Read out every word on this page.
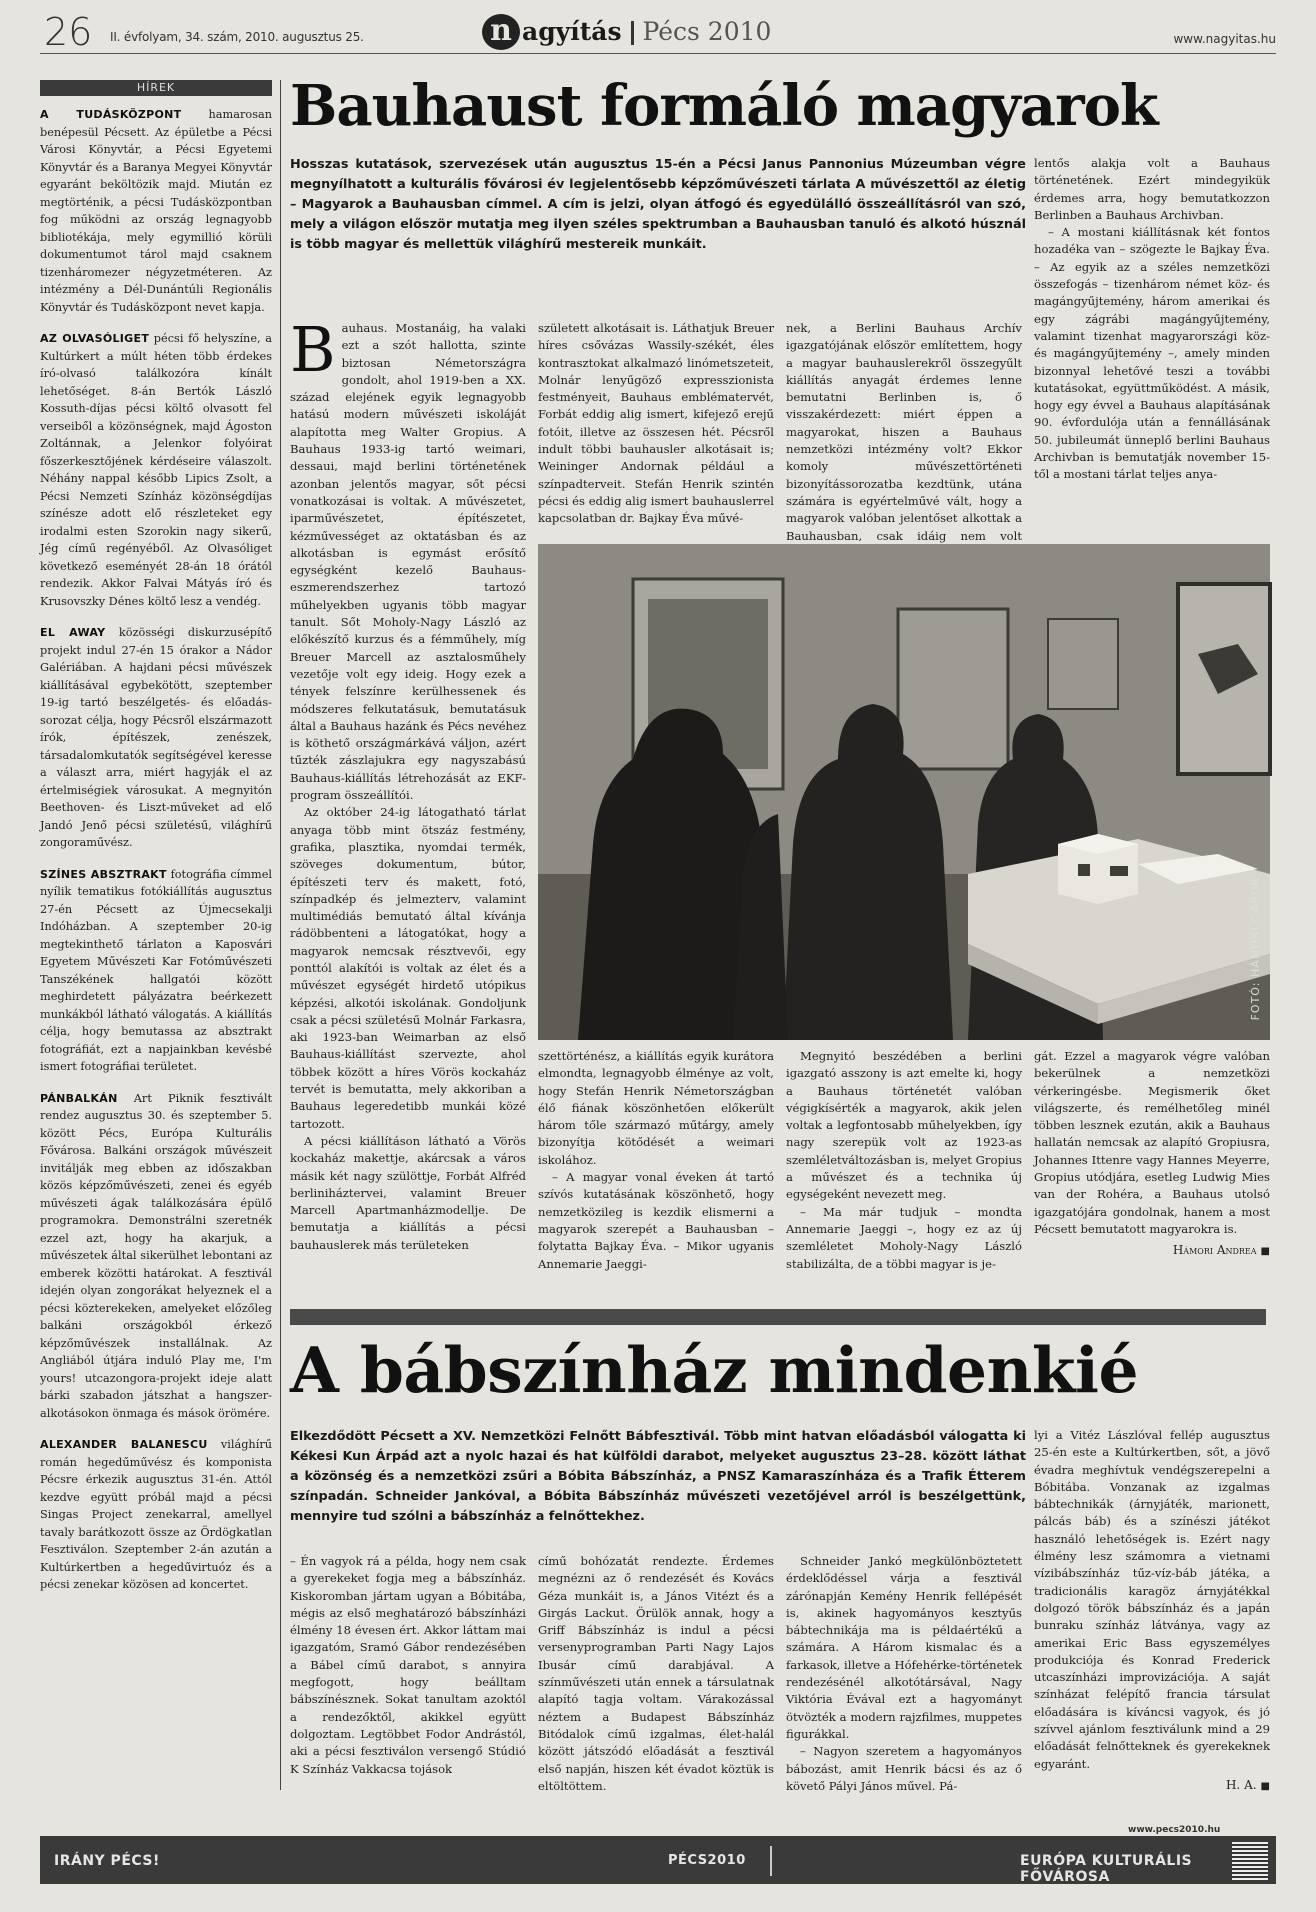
26 II. évfolyam, 34. szám, 2010. augusztus 25.	n agyítás Pécs 2010	www.nagyitas.hu
HÍREK

A TUDÁSKÖZPONT hamarosan benépesül Pécsett. Az épületbe a Pécsi Városi Könyvtár, a Pécsi Egyetemi Könyvtár és a Baranya Megyei Könyvtár egyaránt beköltözik majd. Miután ez megtörténik, a pécsi Tudásközpontban fog működni az ország legnagyobb bibliotékája, mely egymillió körüli dokumentumot tárol majd csaknem tizenháromezer négyzetméteren. Az intézmény a Dél-Dunántúli Regionális Könyvtár és Tudásközpont nevet kapja.

AZ OLVASÓLIGET pécsi fő helyszíne, a Kultúrkert a múlt héten több érdekes író-olvasó találkozóra kínált lehetőséget. 8-án Bertók László Kossuth-díjas pécsi költő olvasott fel verseiből a közönségnek, majd Ágoston Zoltánnak, a Jelenkor folyóirat főszerkesztőjének kérdéseire válaszolt. Néhány nappal később Lipics Zsolt, a Pécsi Nemzeti Színház közönségdíjas színésze adott elő részleteket egy irodalmi esten Szorokin nagy sikerű, Jég című regényéből. Az Olvasóliget következő eseményét 28-án 18 órától rendezik. Akkor Falvai Mátyás író és Krusovszky Dénes költő lesz a vendég.

EL AWAY közösségi diskurzusépítő projekt indul 27-én 15 órakor a Nádor Galériában. A hajdani pécsi művészek kiállításával egybekötött, szeptember 19-ig tartó beszélgetés- és előadás-sorozat célja, hogy Pécsről elszármazott írók, építészek, zenészek, társadalomkutatók segítségével keresse a választ arra, miért hagyják el az értelmiségiek városukat. A megnyitón Beethoven- és Liszt-műveket ad elő Jandó Jenő pécsi születésű, világhírű zongoraművész.

SZÍNES ABSZTRAKT fotográfia címmel nyílik tematikus fotókiállítás augusztus 27-én Pécsett az Újmecsekalji Indóházban. A szeptember 20-ig megtekinthető tárlaton a Kaposvári Egyetem Művészeti Kar Fotóművészeti Tanszékének hallgatói között meghirdetett pályázatra beérkezett munkákból látható válogatás. A kiállítás célja, hogy bemutassa az absztrakt fotográfiát, ezt a napjainkban kevésbé ismert fotográfiai területet.

PÁNBALKÁN Art Piknik fesztivált rendez augusztus 30. és szeptember 5. között Pécs, Európa Kulturális Fővárosa. Balkáni országok művészeit invitálják meg ebben az időszakban közös képzőművészeti, zenei és egyéb művészeti ágak találkozására épülő programokra. Demonstrálni szeretnék ezzel azt, hogy ha akarjuk, a művészetek által sikerülhet lebontani az emberek közötti határokat. A fesztivál idején olyan zongorákat helyeznek el a pécsi közterekeken, amelyeket előzőleg balkáni országokból érkező képzőművészek installálnak. Az Angliából útjára induló Play me, I'm yours! utcazongora-projekt ideje alatt bárki szabadon játszhat a hangszer-alkotásokon önmaga és mások örömére.

ALEXANDER BALANESCU világhírű román hegedűművész és komponista Pécsre érkezik augusztus 31-én. Attól kezdve együtt próbál majd a pécsi Singas Project zenekarral, amellyel tavaly barátkozott össze az Ördögkatlan Fesztiválon. Szeptember 2-án azután a Kultúrkertben a hegedűvirtuóz és a pécsi zenekar közösen ad koncertet.

Bauhaust formáló magyarok
Hosszas kutatások, szervezések után augusztus 15-én a Pécsi Janus Pannonius Múzeumban végre megnyílhatott a kulturális fővárosi év legjelentősebb képzőművészeti tárlata A művészettől az életig – Magyarok a Bauhausban címmel. A cím is jelzi, olyan átfogó és egyedülálló összeállításról van szó, mely a világon először mutatja meg ilyen széles spektrumban a Bauhausban tanuló és alkotó húsznál is több magyar és mellettük világhírű mestereik munkáit.

Bauhaus. Mostanáig, ha valaki ezt a szót hallotta, szinte biztosan Németországra gondolt, ahol 1919-ben a XX. század elejének egyik legnagyobb hatású modern művészeti iskoláját alapította meg Walter Gropius. A Bauhaus 1933-ig tartó weimari, dessaui, majd berlini történetének azonban jelentős magyar, sőt pécsi vonatkozásai is voltak. A művészetet, iparművészetet, építészetet, kézművességet az oktatásban és az alkotásban is egymást erősítő egységként kezelő Bauhaus-eszmerendszerhez tartozó műhelyekben ugyanis több magyar tanult. Sőt Moholy-Nagy László az előkészítő kurzus és a fémműhely, míg Breuer Marcell az asztalosműhely vezetője volt egy ideig. Hogy ezek a tények felszínre kerülhessenek és módszeres felkutatásuk, bemutatásuk által a Bauhaus hazánk és Pécs nevéhez is köthető országmárkává váljon, azért tűzték zászlajukra egy nagyszabású Bauhaus-kiállítás létrehozását az EKF-program összeállítói.

Az október 24-ig látogatható tárlat anyaga több mint ötszáz festmény, grafika, plasztika, nyomdai termék, szöveges dokumentum, bútor, építészeti terv és makett, fotó, színpadkép és jelmezterv, valamint multimédiás bemutató által kívánja rádöbbenteni a látogatókat, hogy a magyarok nemcsak résztvevői, egy ponttól alakítói is voltak az élet és a művészet egységét hirdető utópikus képzési, alkotói iskolának. Gondoljunk csak a pécsi születésű Molnár Farkasra, aki 1923-ban Weimarban az első Bauhaus-kiállítást szervezte, ahol többek között a híres Vörös kockaház tervét is bemutatta, mely akkoriban a Bauhaus legeredetibb munkái közé tartozott.

A pécsi kiállításon látható a Vörös kockaház makettje, akárcsak a város másik két nagy szülöttje, Forbát Alfréd berliniháztervei, valamint Breuer Marcell Apartmanházmodellje. De bemutatja a kiállítás a pécsi bauhauslerek más területeken

született alkotásait is. Láthatjuk Breuer híres csővázas Wassily-székét, éles kontrasztokat alkalmazó linómetszeteit, Molnár lenyűgöző expresszionista festményeit, Bauhaus emblématervét, Forbát eddig alig ismert, kifejező erejű fotóit, illetve az összesen hét. Pécsről indult többi bauhausler alkotásait is; Weininger Andornak például a színpadterveit. Stefán Henrik szintén pécsi és eddig alig ismert bauhauslerrel kapcsolatban dr. Bajkay Éva művé-

nek, a Berlini Bauhaus Archív igazgatójának először említettem, hogy a magyar bauhauslerekről összegyűlt kiállítás anyagát érdemes lenne bemutatni Berlinben is, ő visszakérdezett: miért éppen a magyarokat, hiszen a Bauhaus nemzetközi intézmény volt? Ekkor komoly művészettörténeti bizonyítássorozatba kezdtünk, utána számára is egyértelművé vált, hogy a magyarok valóban jelentőset alkottak a Bauhausban, csak idáig nem volt

lentős alakja volt a Bauhaus történetének. Ezért mindegyikük érdemes arra, hogy bemutatkozzon Berlinben a Bauhaus Archivban.

– A mostani kiállításnak két fontos hozadéka van – szögezte le Bajkay Éva. – Az egyik az a széles nemzetközi összefogás – tizenhárom német köz- és magángyűjtemény, három amerikai és egy zágrábi magángyűjtemény, valamint tizenhat magyarországi köz- és magángyűjtemény –, amely minden bizonnyal lehetővé teszi a további kutatásokat, együttműködést. A másik, hogy egy évvel a Bauhaus alapításának 90. évfordulója után a fennállásának 50. jubileumát ünneplő berlini Bauhaus Archivban is bemutatják november 15-től a mostani tárlat teljes anya-

FOTÓ: HÁMORI GÁBOR

szettörténész, a kiállítás egyik kurátora elmondta, legnagyobb élménye az volt, hogy Stefán Henrik Németországban élő fiának köszönhetően előkerült három tőle származó műtárgy, amely bizonyítja kötődését a weimari iskolához.

– A magyar vonal éveken át tartó szívós kutatásának köszönhető, hogy nemzetközileg is kezdik elismerni a magyarok szerepét a Bauhausban – folytatta Bajkay Éva. – Mikor ugyanis Annemarie Jaeggi-

Megnyitó beszédében a berlini igazgató asszony is azt emelte ki, hogy a Bauhaus történetét valóban végigkísérték a magyarok, akik jelen voltak a legfontosabb műhelyekben, így nagy szerepük volt az 1923-as szemléletváltozásban is, melyet Gropius a művészet és a technika új egységeként nevezett meg.

– Ma már tudjuk – mondta Annemarie Jaeggi –, hogy ez az új szemléletet Moholy-Nagy László stabilizálta, de a többi magyar is je-

gát. Ezzel a magyarok végre valóban bekerülnek a nemzetközi vérkeringésbe. Megismerik őket világszerte, és remélhetőleg minél többen lesznek ezután, akik a Bauhaus hallatán nemcsak az alapító Gropiusra, Johannes Ittenre vagy Hannes Meyerre, Gropius utódjára, esetleg Ludwig Mies van der Rohéra, a Bauhaus utolsó igazgatójára gondolnak, hanem a most Pécsett bemutatott magyarokra is.

Hámori Andrea ■
A bábszínház mindenkié
Elkezdődött Pécsett a XV. Nemzetközi Felnőtt Bábfesztivál. Több mint hatvan előadásból válogatta ki Kékesi Kun Árpád azt a nyolc hazai és hat külföldi darabot, melyeket augusztus 23–28. között láthat a közönség és a nemzetközi zsűri a Bóbita Bábszínház, a PNSZ Kamaraszínháza és a Trafik Étterem színpadán. Schneider Jankóval, a Bóbita Bábszínház művészeti vezetőjével arról is beszélgettünk, mennyire tud szólni a bábszínház a felnőttekhez.

– Én vagyok rá a példa, hogy nem csak a gyerekeket fogja meg a bábszínház. Kiskoromban jártam ugyan a Bóbitába, mégis az első meghatározó bábszínházi élmény 18 évesen ért. Akkor láttam mai igazgatóm, Sramó Gábor rendezésében a Bábel című darabot, s annyira megfogott, hogy beálltam bábszínésznek. Sokat tanultam azoktól a rendezőktől, akikkel együtt dolgoztam. Legtöbbet Fodor Andrástól, aki a pécsi fesztiválon versengő Stúdió K Színház Vakkacsa tojások

című bohózatát rendezte. Érdemes megnézni az ő rendezését és Kovács Géza munkáit is, a János Vitézt és a Girgás Lackut. Örülök annak, hogy a Griff Bábszínház is indul a pécsi versenyprogramban Parti Nagy Lajos Ibusár című darabjával. A színművészeti után ennek a társulatnak alapító tagja voltam. Várakozással néztem a Budapest Bábszínház Bitódalok című izgalmas, élet-halál között játszódó előadását a fesztivál első napján, hiszen két évadot köztük is eltöltöttem.

Schneider Jankó megkülönböztetett érdeklődéssel várja a fesztivál zárónapján Kemény Henrik fellépését is, akinek hagyományos kesztyűs bábtechnikája ma is példaértékű a számára. A Három kismalac és a farkasok, illetve a Hófehérke-történetek rendezésénél alkotótársával, Nagy Viktória Évával ezt a hagyományt ötvözték a modern rajzfilmes, muppetes figurákkal.

– Nagyon szeretem a hagyományos bábozást, amit Henrik bácsi és az ő követő Pályi János művel. Pá-

lyi a Vitéz Lászlóval fellép augusztus 25-én este a Kultúrkertben, sőt, a jövő évadra meghívtuk vendégszerepelni a Bóbitába. Vonzanak az izgalmas bábtechnikák (árnyjáték, marionett, pálcás báb) és a színészi játékot használó lehetőségek is. Ezért nagy élmény lesz számomra a vietnami vízibábszínház tűz-víz-báb játéka, a tradicionális karagöz árnyjátékkal dolgozó török bábszínház és a japán bunraku színház látványa, vagy az amerikai Eric Bass egyszemélyes produkciója és Konrad Frederick utcaszínházi improvizációja. A saját színházat felépítő francia társulat előadására is kíváncsi vagyok, és jó szívvel ajánlom fesztiválunk mind a 29 előadását felnőtteknek és gyerekeknek egyaránt.

H. A. ■
IRÁNY PÉCS!	PÉCS2010	EURÓPA KULTURÁLIS FŐVÁROSA
www.pecs2010.hu
